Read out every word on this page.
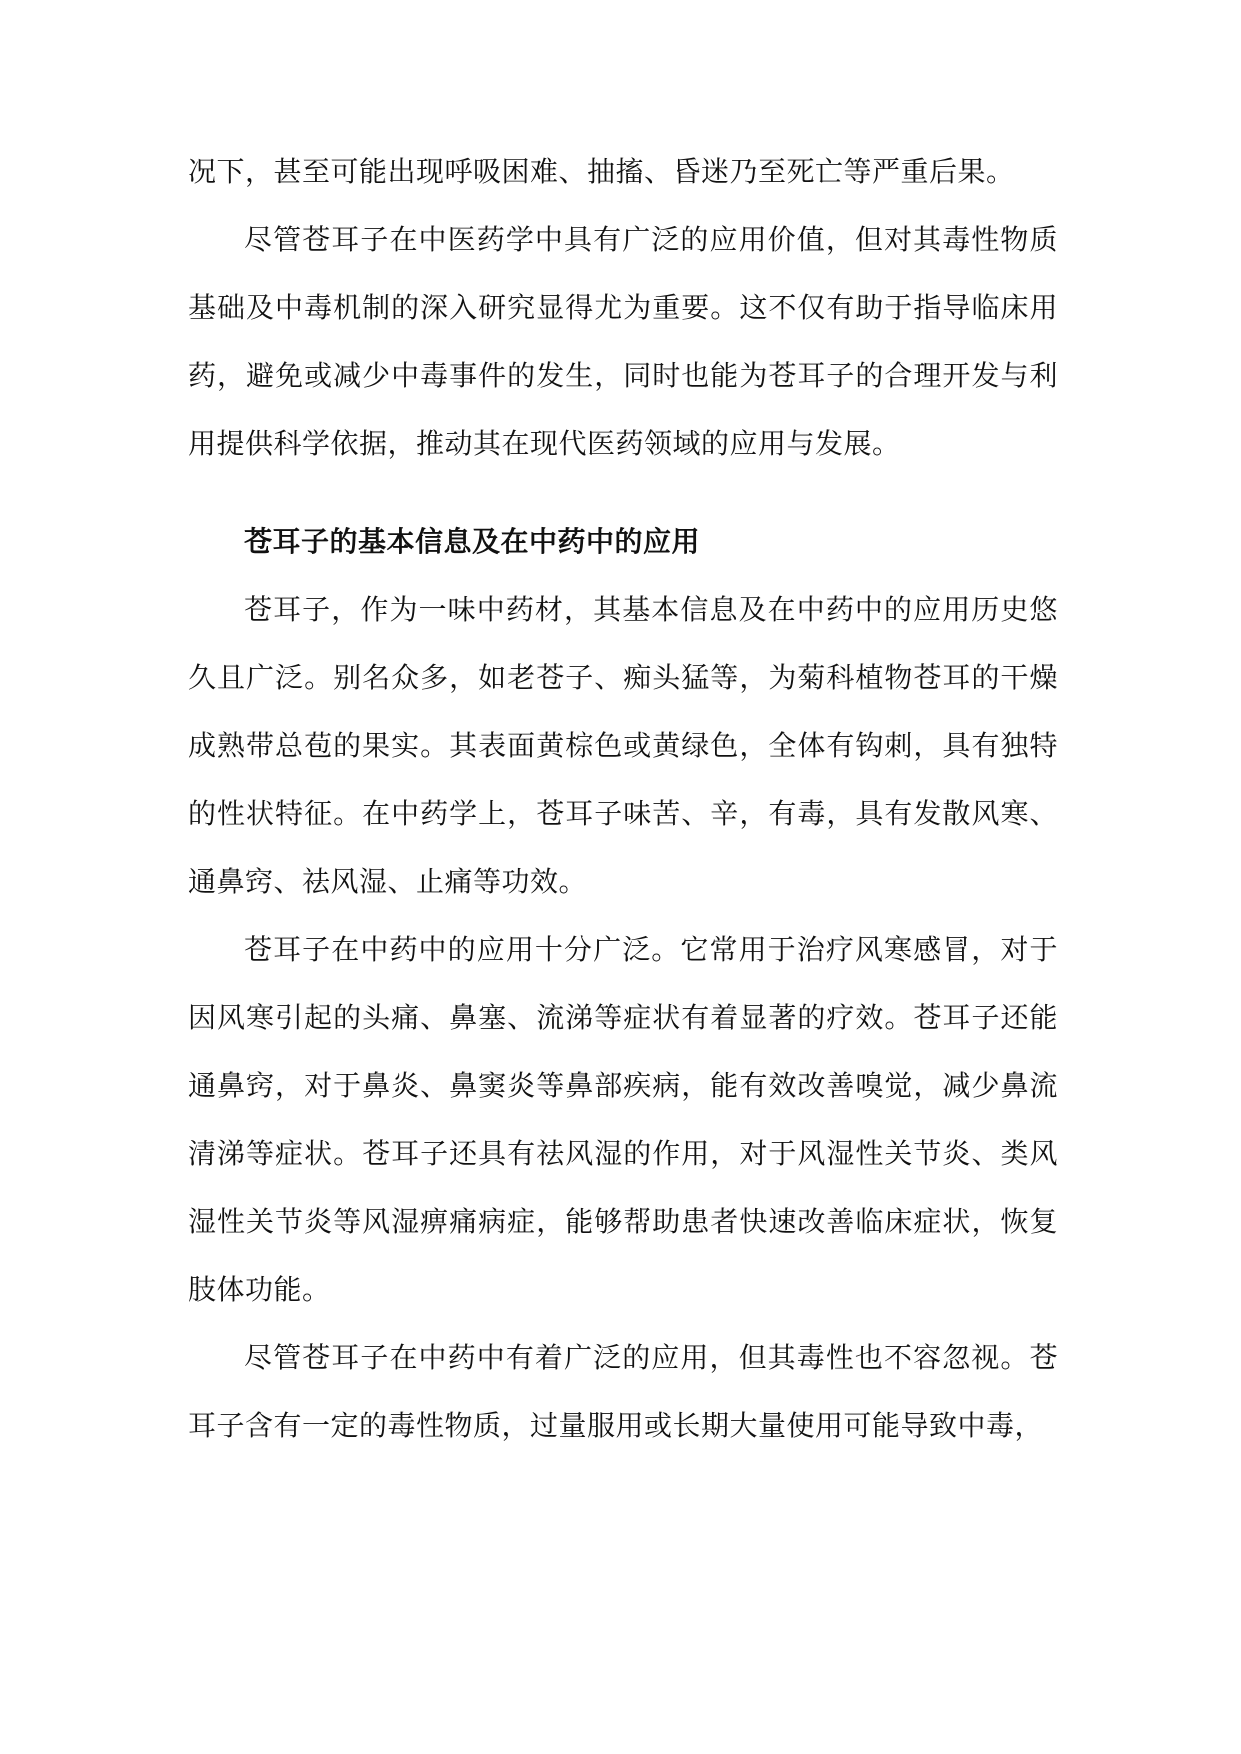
况下，甚至可能出现呼吸困难、抽搐、昏迷乃至死亡等严重后果。

尽管苍耳子在中医药学中具有广泛的应用价值，但对其毒性物质基础及中毒机制的深入研究显得尤为重要。这不仅有助于指导临床用药，避免或减少中毒事件的发生，同时也能为苍耳子的合理开发与利用提供科学依据，推动其在现代医药领域的应用与发展。

苍耳子的基本信息及在中药中的应用

苍耳子，作为一味中药材，其基本信息及在中药中的应用历史悠久且广泛。别名众多，如老苍子、痴头猛等，为菊科植物苍耳的干燥成熟带总苞的果实。其表面黄棕色或黄绿色，全体有钩刺，具有独特的性状特征。在中药学上，苍耳子味苦、辛，有毒，具有发散风寒、通鼻窍、祛风湿、止痛等功效。

苍耳子在中药中的应用十分广泛。它常用于治疗风寒感冒，对于因风寒引起的头痛、鼻塞、流涕等症状有着显著的疗效。苍耳子还能通鼻窍，对于鼻炎、鼻窦炎等鼻部疾病，能有效改善嗅觉，减少鼻流清涕等症状。苍耳子还具有祛风湿的作用，对于风湿性关节炎、类风湿性关节炎等风湿痹痛病症，能够帮助患者快速改善临床症状，恢复肢体功能。

尽管苍耳子在中药中有着广泛的应用，但其毒性也不容忽视。苍耳子含有一定的毒性物质，过量服用或长期大量使用可能导致中毒，
